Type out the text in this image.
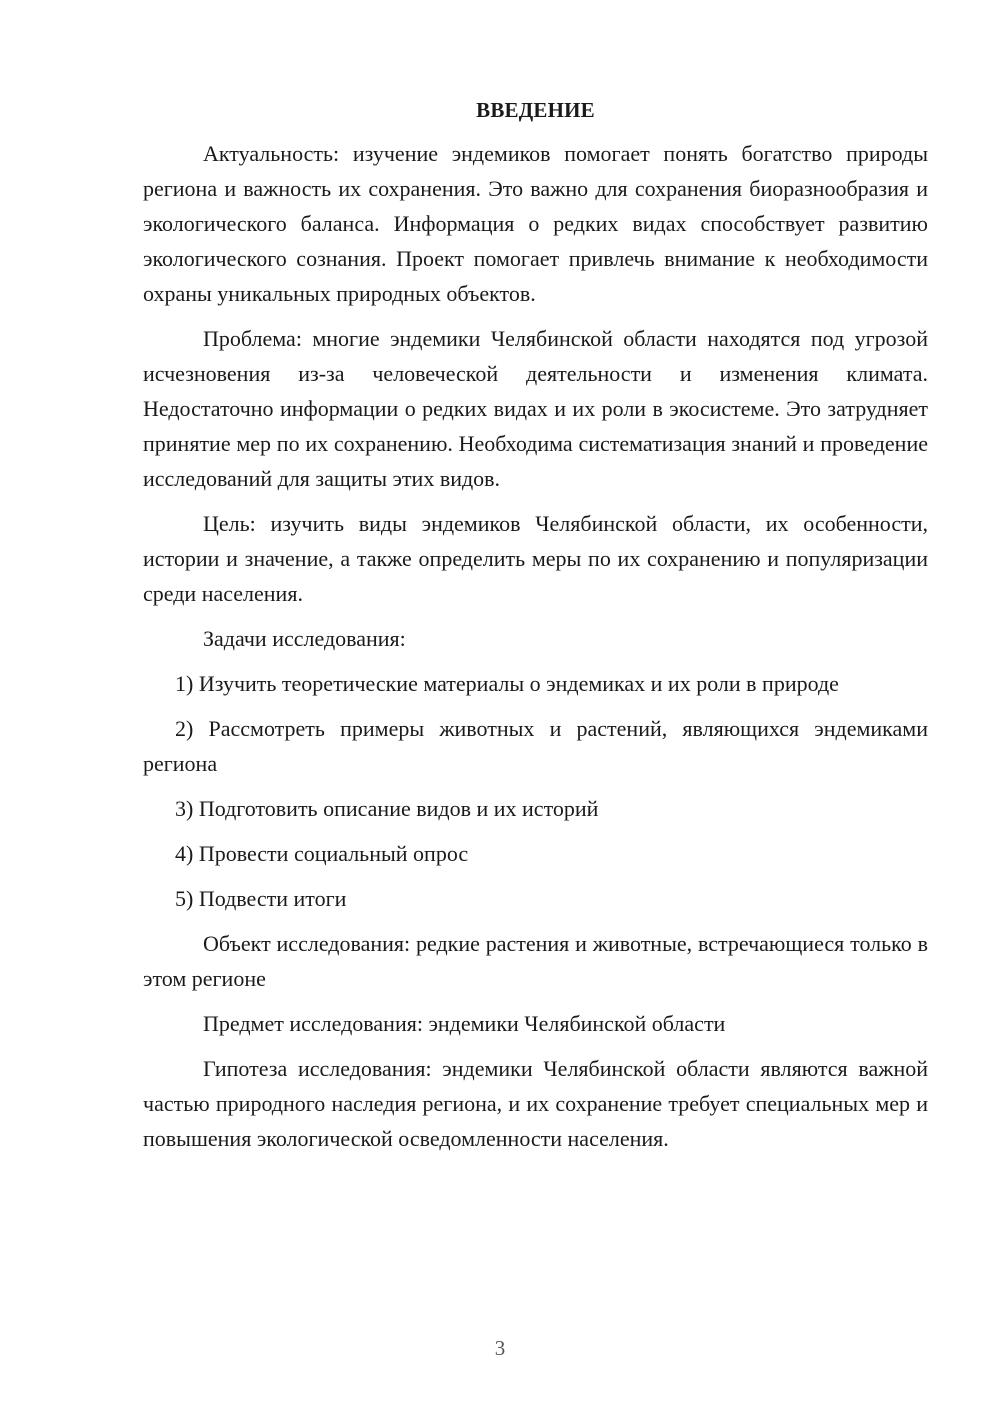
ВВЕДЕНИЕ

Актуальность: изучение эндемиков помогает понять богатство природы региона и важность их сохранения. Это важно для сохранения биоразнообразия и экологического баланса. Информация о редких видах способствует развитию экологического сознания. Проект помогает привлечь внимание к необходимости охраны уникальных природных объектов.

Проблема: многие эндемики Челябинской области находятся под угрозой исчезновения из-за человеческой деятельности и изменения климата. Недостаточно информации о редких видах и их роли в экосистеме. Это затрудняет принятие мер по их сохранению. Необходима систематизация знаний и проведение исследований для защиты этих видов.

Цель: изучить виды эндемиков Челябинской области, их особенности, истории и значение, а также определить меры по их сохранению и популяризации среди населения.

Задачи исследования:

1) Изучить теоретические материалы о эндемиках и их роли в природе

2) Рассмотреть примеры животных и растений, являющихся эндемиками региона

3) Подготовить описание видов и их историй

4) Провести социальный опрос

5) Подвести итоги

Объект исследования: редкие растения и животные, встречающиеся только в этом регионе

Предмет исследования: эндемики Челябинской области

Гипотеза исследования: эндемики Челябинской области являются важной частью природного наследия региона, и их сохранение требует специальных мер и повышения экологической осведомленности населения.

3
